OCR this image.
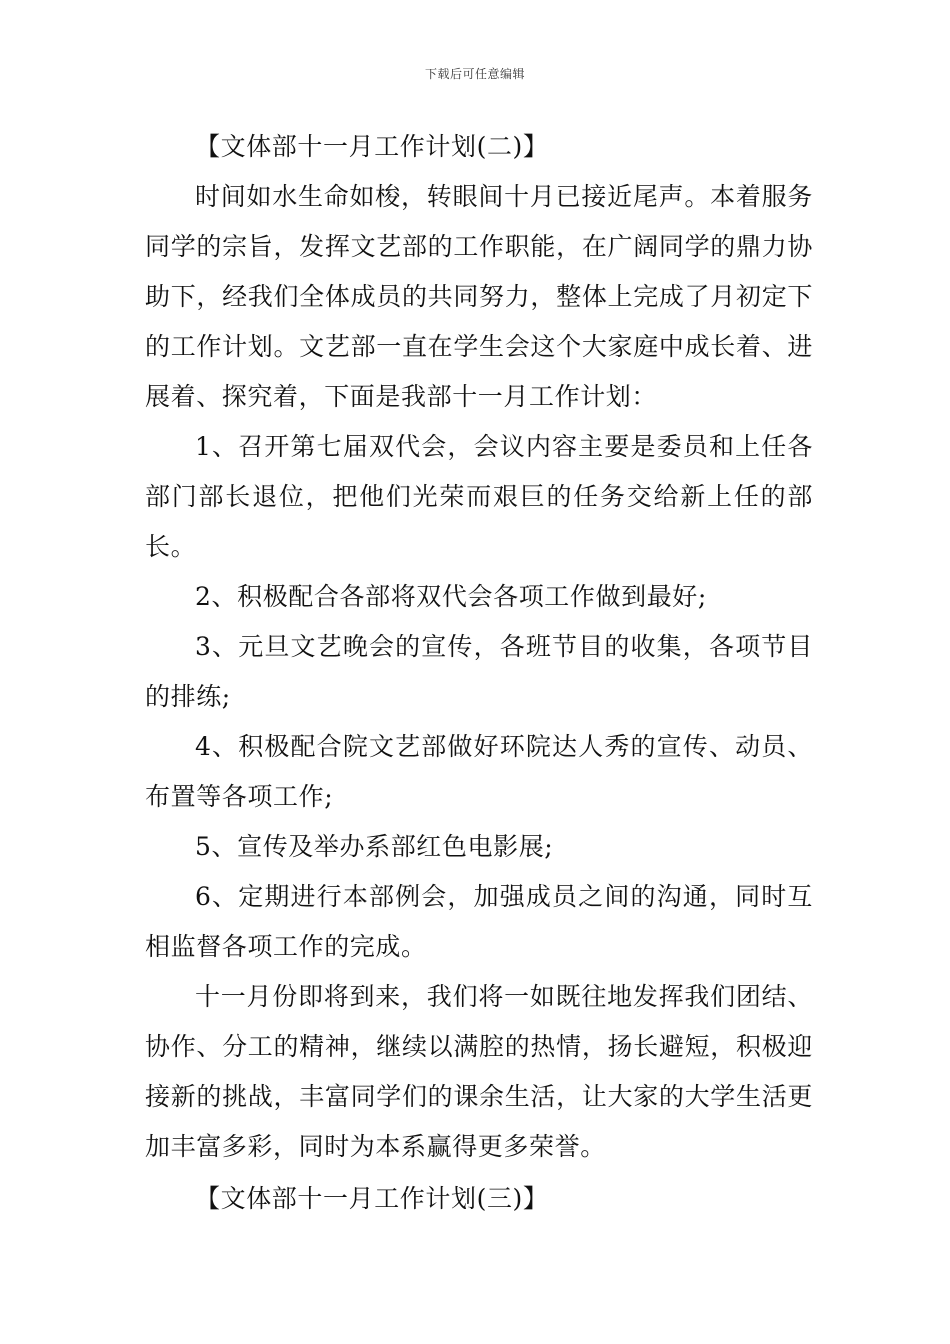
下载后可任意编辑

【文体部十一月工作计划(二)】

时间如水生命如梭，转眼间十月已接近尾声。本着服务同学的宗旨，发挥文艺部的工作职能，在广阔同学的鼎力协助下，经我们全体成员的共同努力，整体上完成了月初定下的工作计划。文艺部一直在学生会这个大家庭中成长着、进展着、探究着，下面是我部十一月工作计划：

1、召开第七届双代会，会议内容主要是委员和上任各部门部长退位，把他们光荣而艰巨的任务交给新上任的部长。

2、积极配合各部将双代会各项工作做到最好;

3、元旦文艺晚会的宣传，各班节目的收集，各项节目的排练;

4、积极配合院文艺部做好环院达人秀的宣传、动员、布置等各项工作;

5、宣传及举办系部红色电影展;

6、定期进行本部例会，加强成员之间的沟通，同时互相监督各项工作的完成。

十一月份即将到来，我们将一如既往地发挥我们团结、协作、分工的精神，继续以满腔的热情，扬长避短，积极迎接新的挑战，丰富同学们的课余生活，让大家的大学生活更加丰富多彩，同时为本系赢得更多荣誉。

【文体部十一月工作计划(三)】
